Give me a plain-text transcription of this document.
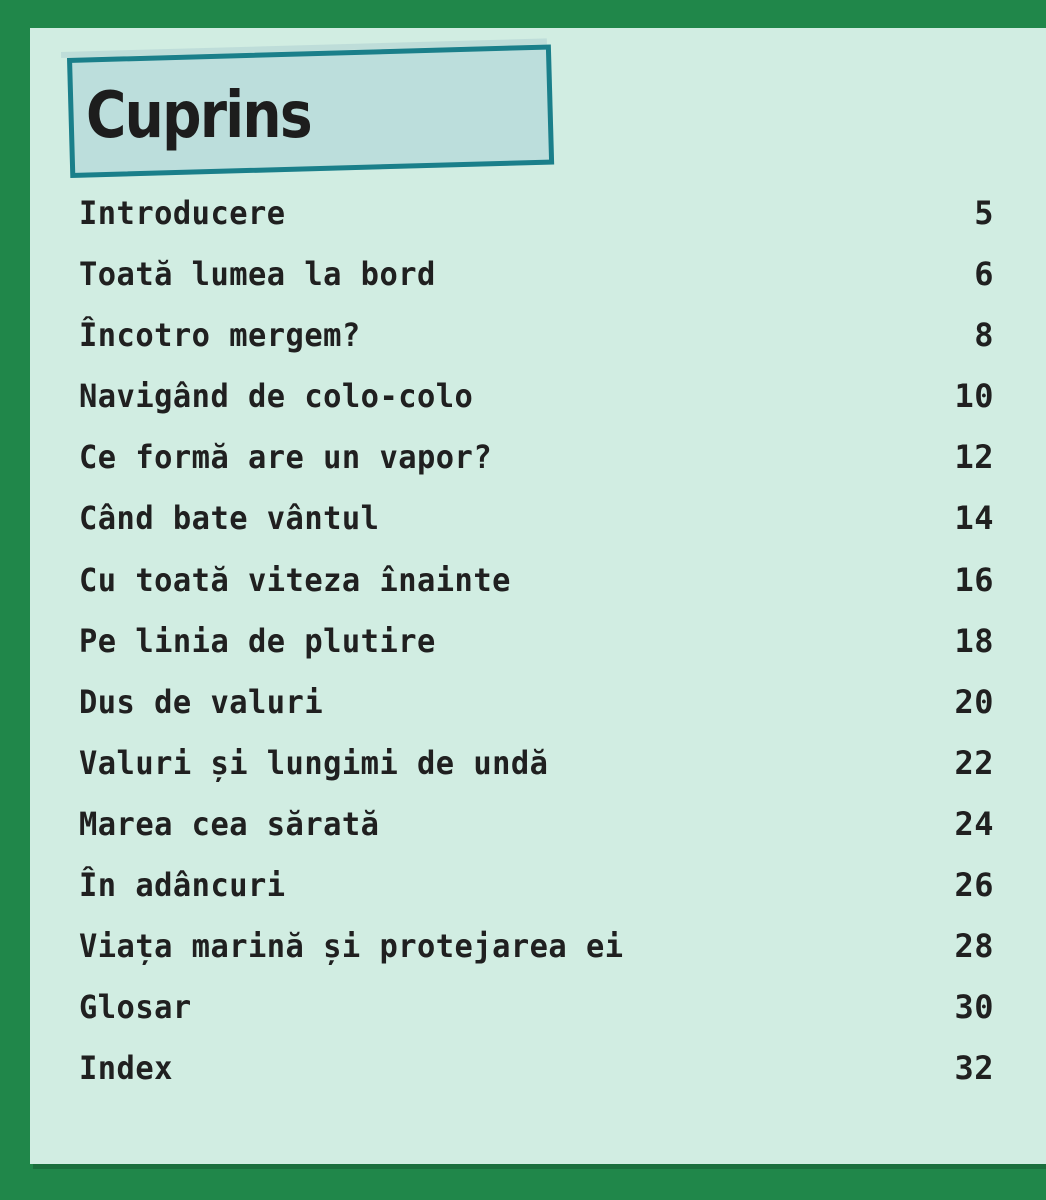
Cuprins
Introducere	5
Toată lumea la bord	6
Încotro mergem?	8
Navigând de colo-colo	10
Ce formă are un vapor?	12
Când bate vântul	14
Cu toată viteza înainte	16
Pe linia de plutire	18
Dus de valuri	20
Valuri și lungimi de undă	22
Marea cea sărată	24
În adâncuri	26
Viața marină și protejarea ei	28
Glosar	30
Index	32
